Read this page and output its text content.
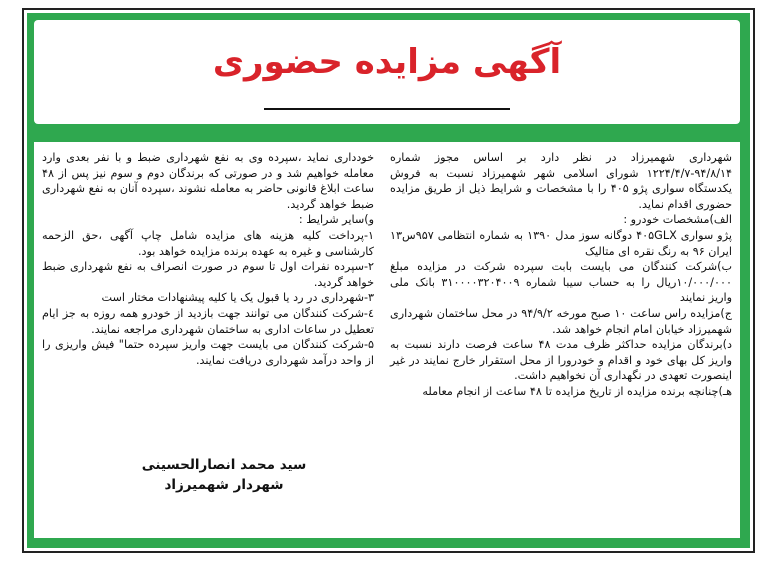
آگهی مزایده حضوری

شهرداری شهمیرزاد در نظر دارد بر اساس مجوز شماره ۹۴/۸/۱۴-۱۲۲۴/۴/۷ شورای اسلامی شهر شهمیرزاد نسبت به فروش یکدستگاه سواری پژو ۴۰۵ را با مشخصات و شرایط ذیل از طریق مزایده حضوری اقدام نماید.

الف)مشخصات خودرو :

پژو سواری ۴۰۵GLX دوگانه سوز مدل ۱۳۹۰ به شماره انتظامی ۹۵۷س۱۳ ایران ۹۶ به رنگ نقره ای متالیک

ب)شرکت کنندگان می بایست بابت سپرده شرکت در مزایده مبلغ ۱۰/۰۰۰/۰۰۰ریال را به حساب سیبا شماره ۳۱۰۰۰۰۳۲۰۴۰۰۹ بانک ملی واریز نمایند

ج)مزایده راس ساعت ۱۰ صبح مورخه ۹۴/۹/۲ در محل ساختمان شهرداری شهمیرزاد خیابان امام انجام خواهد شد.

د)برندگان مزایده حداکثر ظرف مدت ۴۸ ساعت فرصت دارند نسبت به واریز کل بهای خود و اقدام و خودرورا از محل استقرار خارج نمایند در غیر اینصورت تعهدی در نگهداری آن نخواهیم داشت.

هـ)چنانچه برنده مزایده از تاریخ مزایده تا ۴۸ ساعت از انجام معامله

خودداری نماید ،سپرده وی به نفع شهرداری ضبط و با نفر بعدی وارد معامله خواهیم شد و در صورتی که برندگان دوم و سوم نیز پس از ۴۸ ساعت ابلاغ قانونی حاضر به معامله نشوند ،سپرده آنان به نفع شهرداری ضبط خواهد گردید.

و)سایر شرایط :

۱-پرداخت کلیه هزینه های مزایده شامل چاپ آگهی ،حق الزحمه کارشناسی و غیره به عهده برنده مزایده خواهد بود.

۲-سپرده نفرات اول تا سوم در صورت انصراف به نفع شهرداری ضبط خواهد گردید.

۳-شهرداری در رد یا قبول یک یا کلیه پیشنهادات مختار است

٤-شرکت کنندگان می توانند جهت بازدید از خودرو همه روزه به جز ایام تعطیل در ساعات اداری به ساختمان شهرداری مراجعه نمایند.

۵-شرکت کنندگان می بایست جهت واریز سپرده حتما" فیش واریزی را از واحد درآمد شهرداری دریافت نمایند.

سید محمد انصارالحسینی
شهردار شهمیرزاد
